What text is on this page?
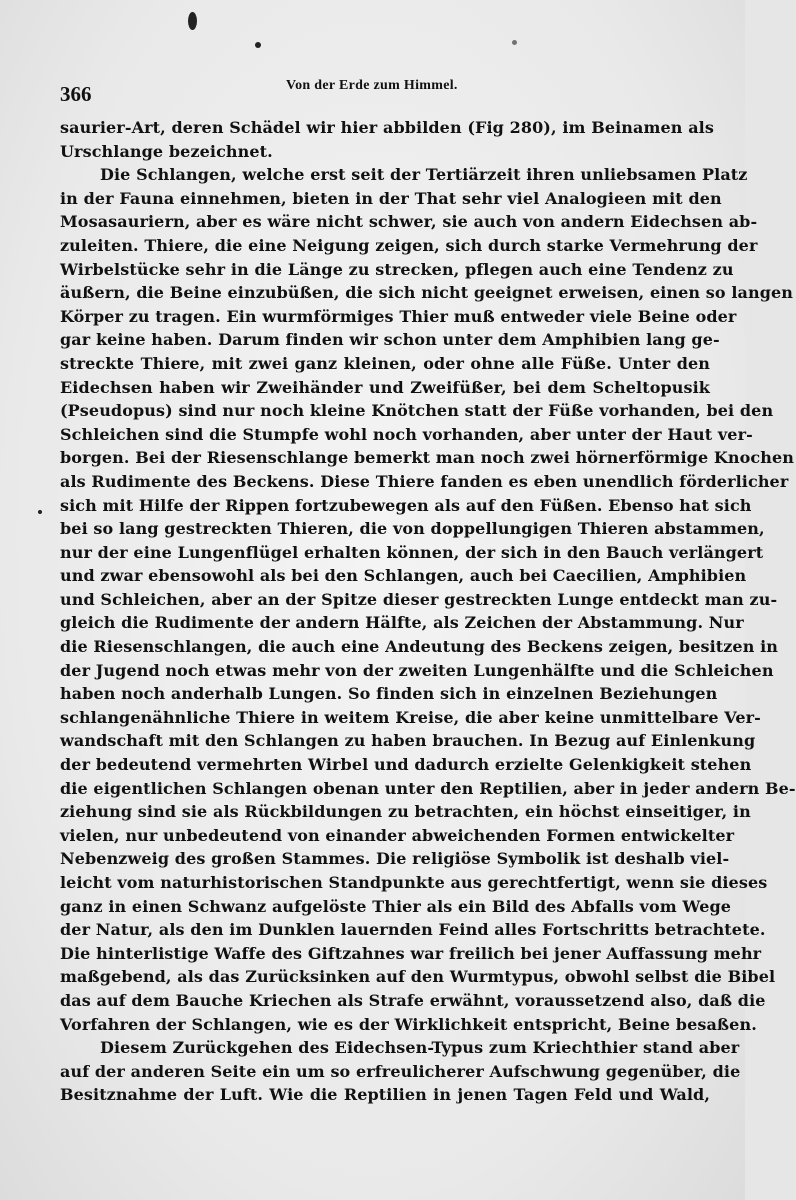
366	Von der Erde zum Himmel.
saurier-Art, deren Schädel wir hier abbilden (Fig 280), im Beinamen als
Urschlange bezeichnet.
Die Schlangen, welche erst seit der Tertiärzeit ihren unliebsamen Platz
in der Fauna einnehmen, bieten in der That sehr viel Analogieen mit den
Mosasauriern, aber es wäre nicht schwer, sie auch von andern Eidechsen ab-
zuleiten. Thiere, die eine Neigung zeigen, sich durch starke Vermehrung der
Wirbelstücke sehr in die Länge zu strecken, pflegen auch eine Tendenz zu
äußern, die Beine einzubüßen, die sich nicht geeignet erweisen, einen so langen
Körper zu tragen. Ein wurmförmiges Thier muß entweder viele Beine oder
gar keine haben. Darum finden wir schon unter dem Amphibien lang ge-
streckte Thiere, mit zwei ganz kleinen, oder ohne alle Füße. Unter den
Eidechsen haben wir Zweihänder und Zweifüßer, bei dem Scheltopusik
(Pseudopus) sind nur noch kleine Knötchen statt der Füße vorhanden, bei den
Schleichen sind die Stumpfe wohl noch vorhanden, aber unter der Haut ver-
borgen. Bei der Riesenschlange bemerkt man noch zwei hörnerförmige Knochen
als Rudimente des Beckens. Diese Thiere fanden es eben unendlich förderlicher
sich mit Hilfe der Rippen fortzubewegen als auf den Füßen. Ebenso hat sich
bei so lang gestreckten Thieren, die von doppellungigen Thieren abstammen,
nur der eine Lungenflügel erhalten können, der sich in den Bauch verlängert
und zwar ebensowohl als bei den Schlangen, auch bei Caecilien, Amphibien
und Schleichen, aber an der Spitze dieser gestreckten Lunge entdeckt man zu-
gleich die Rudimente der andern Hälfte, als Zeichen der Abstammung. Nur
die Riesenschlangen, die auch eine Andeutung des Beckens zeigen, besitzen in
der Jugend noch etwas mehr von der zweiten Lungenhälfte und die Schleichen
haben noch anderhalb Lungen. So finden sich in einzelnen Beziehungen
schlangenähnliche Thiere in weitem Kreise, die aber keine unmittelbare Ver-
wandschaft mit den Schlangen zu haben brauchen. In Bezug auf Einlenkung
der bedeutend vermehrten Wirbel und dadurch erzielte Gelenkigkeit stehen
die eigentlichen Schlangen obenan unter den Reptilien, aber in jeder andern Be-
ziehung sind sie als Rückbildungen zu betrachten, ein höchst einseitiger, in
vielen, nur unbedeutend von einander abweichenden Formen entwickelter
Nebenzweig des großen Stammes. Die religiöse Symbolik ist deshalb viel-
leicht vom naturhistorischen Standpunkte aus gerechtfertigt, wenn sie dieses
ganz in einen Schwanz aufgelöste Thier als ein Bild des Abfalls vom Wege
der Natur, als den im Dunklen lauernden Feind alles Fortschritts betrachtete.
Die hinterlistige Waffe des Giftzahnes war freilich bei jener Auffassung mehr
maßgebend, als das Zurücksinken auf den Wurmtypus, obwohl selbst die Bibel
das auf dem Bauche Kriechen als Strafe erwähnt, voraussetzend also, daß die
Vorfahren der Schlangen, wie es der Wirklichkeit entspricht, Beine besaßen.
Diesem Zurückgehen des Eidechsen-Typus zum Kriechthier stand aber
auf der anderen Seite ein um so erfreulicherer Aufschwung gegenüber, die
Besitznahme der Luft. Wie die Reptilien in jenen Tagen Feld und Wald,
